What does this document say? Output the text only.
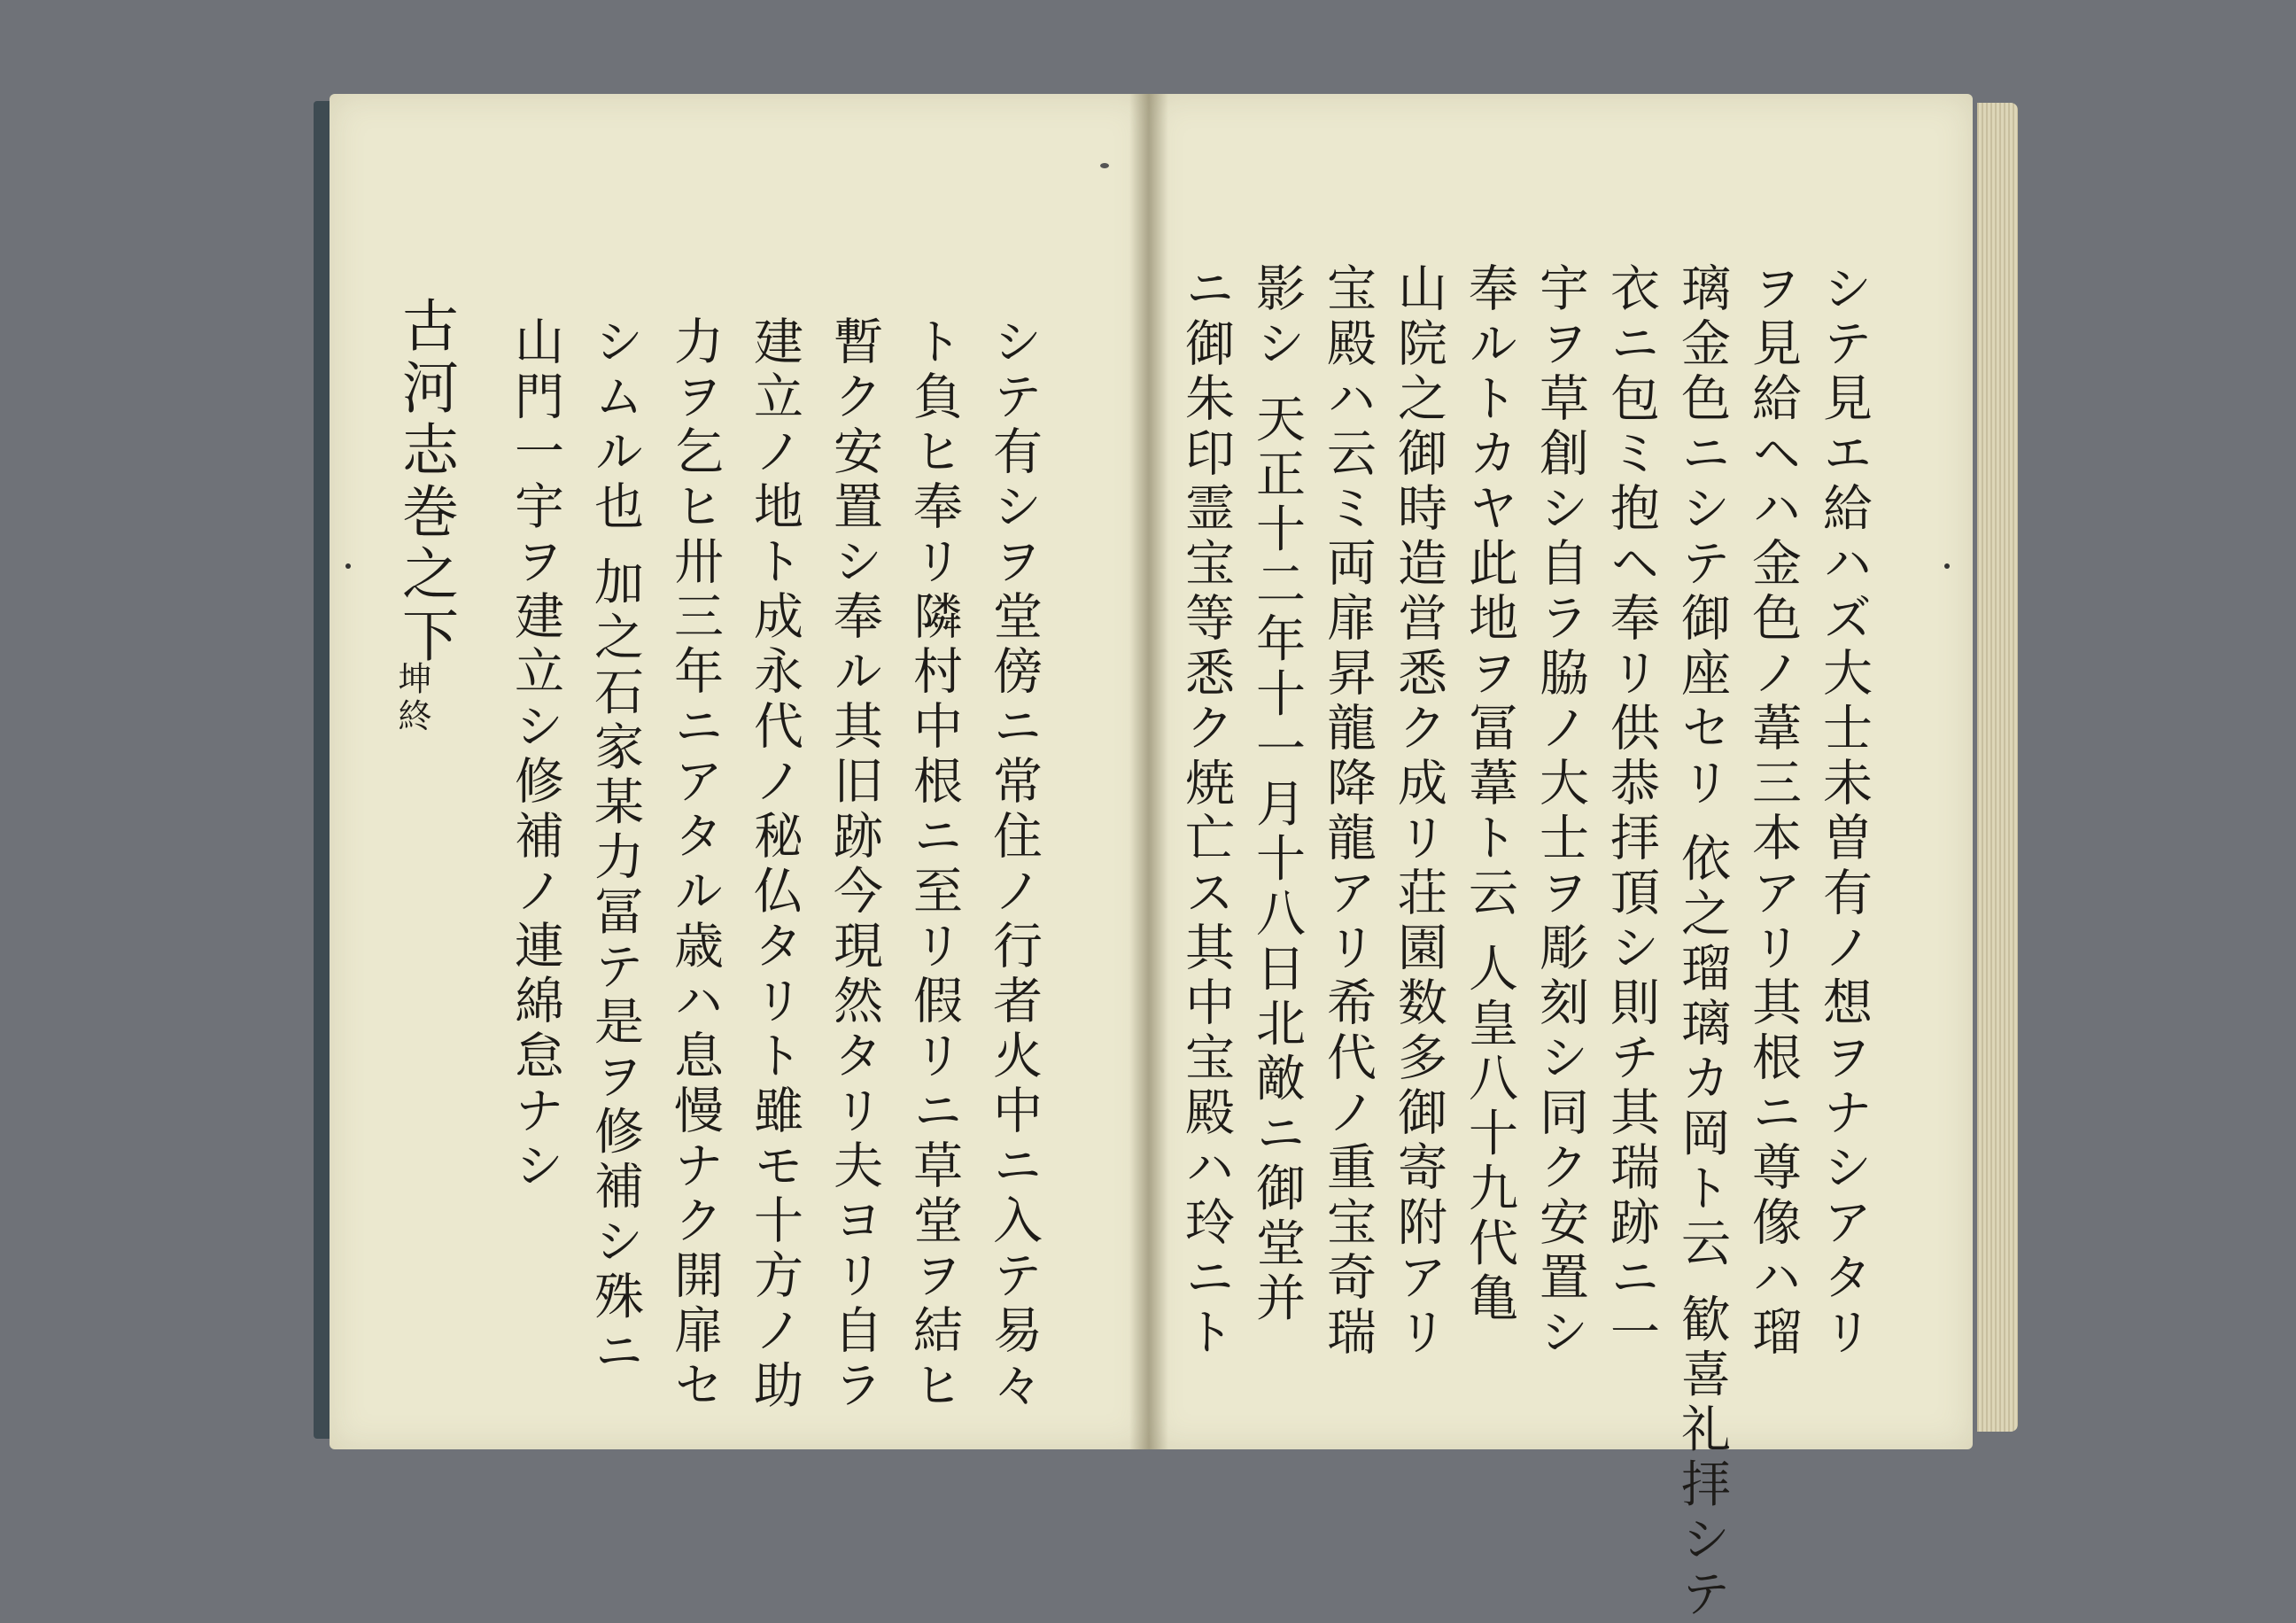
シテ有シヲ堂傍ニ常住ノ行者火中ニ入テ易々
ト負ヒ奉リ隣村中根ニ至リ假リニ草堂ヲ結ヒ
暫ク安置シ奉ル其旧跡今現然タリ夫ヨリ自ラ
建立ノ地ト成永代ノ秘仏タリト雖モ十方ノ助
力ヲ乞ヒ卅三年ニアタル歳ハ息慢ナク開扉セ
シムル也 加之石家某力冨テ是ヲ修補シ殊ニ
山門一宇ヲ建立シ修補ノ連綿怠ナシ
古河志巻之下
坤終	シテ見エ給ハズ大士未曽有ノ想ヲナシアタリ
ヲ見給ヘハ金色ノ葦三本アリ其根ニ尊像ハ瑠
璃金色ニシテ御座セリ 依之瑠璃カ岡ト云 歓喜礼拝シテ
衣ニ包ミ抱ヘ奉リ供恭拝頂シ則チ其瑞跡ニ一
宇ヲ草創シ自ラ脇ノ大士ヲ彫刻シ同ク安置シ
奉ルトカヤ此地ヲ冨葦ト云 人皇八十九代亀
山院之御時造営悉ク成リ荘園数多御寄附アリ
宝殿ハ云ミ両扉昇龍降龍アリ希代ノ重宝奇瑞
影シ 天正十二年十一月十八日北敵ニ御堂并
ニ御朱印霊宝等悉ク焼亡ス其中宝殿ハ玲ニト
